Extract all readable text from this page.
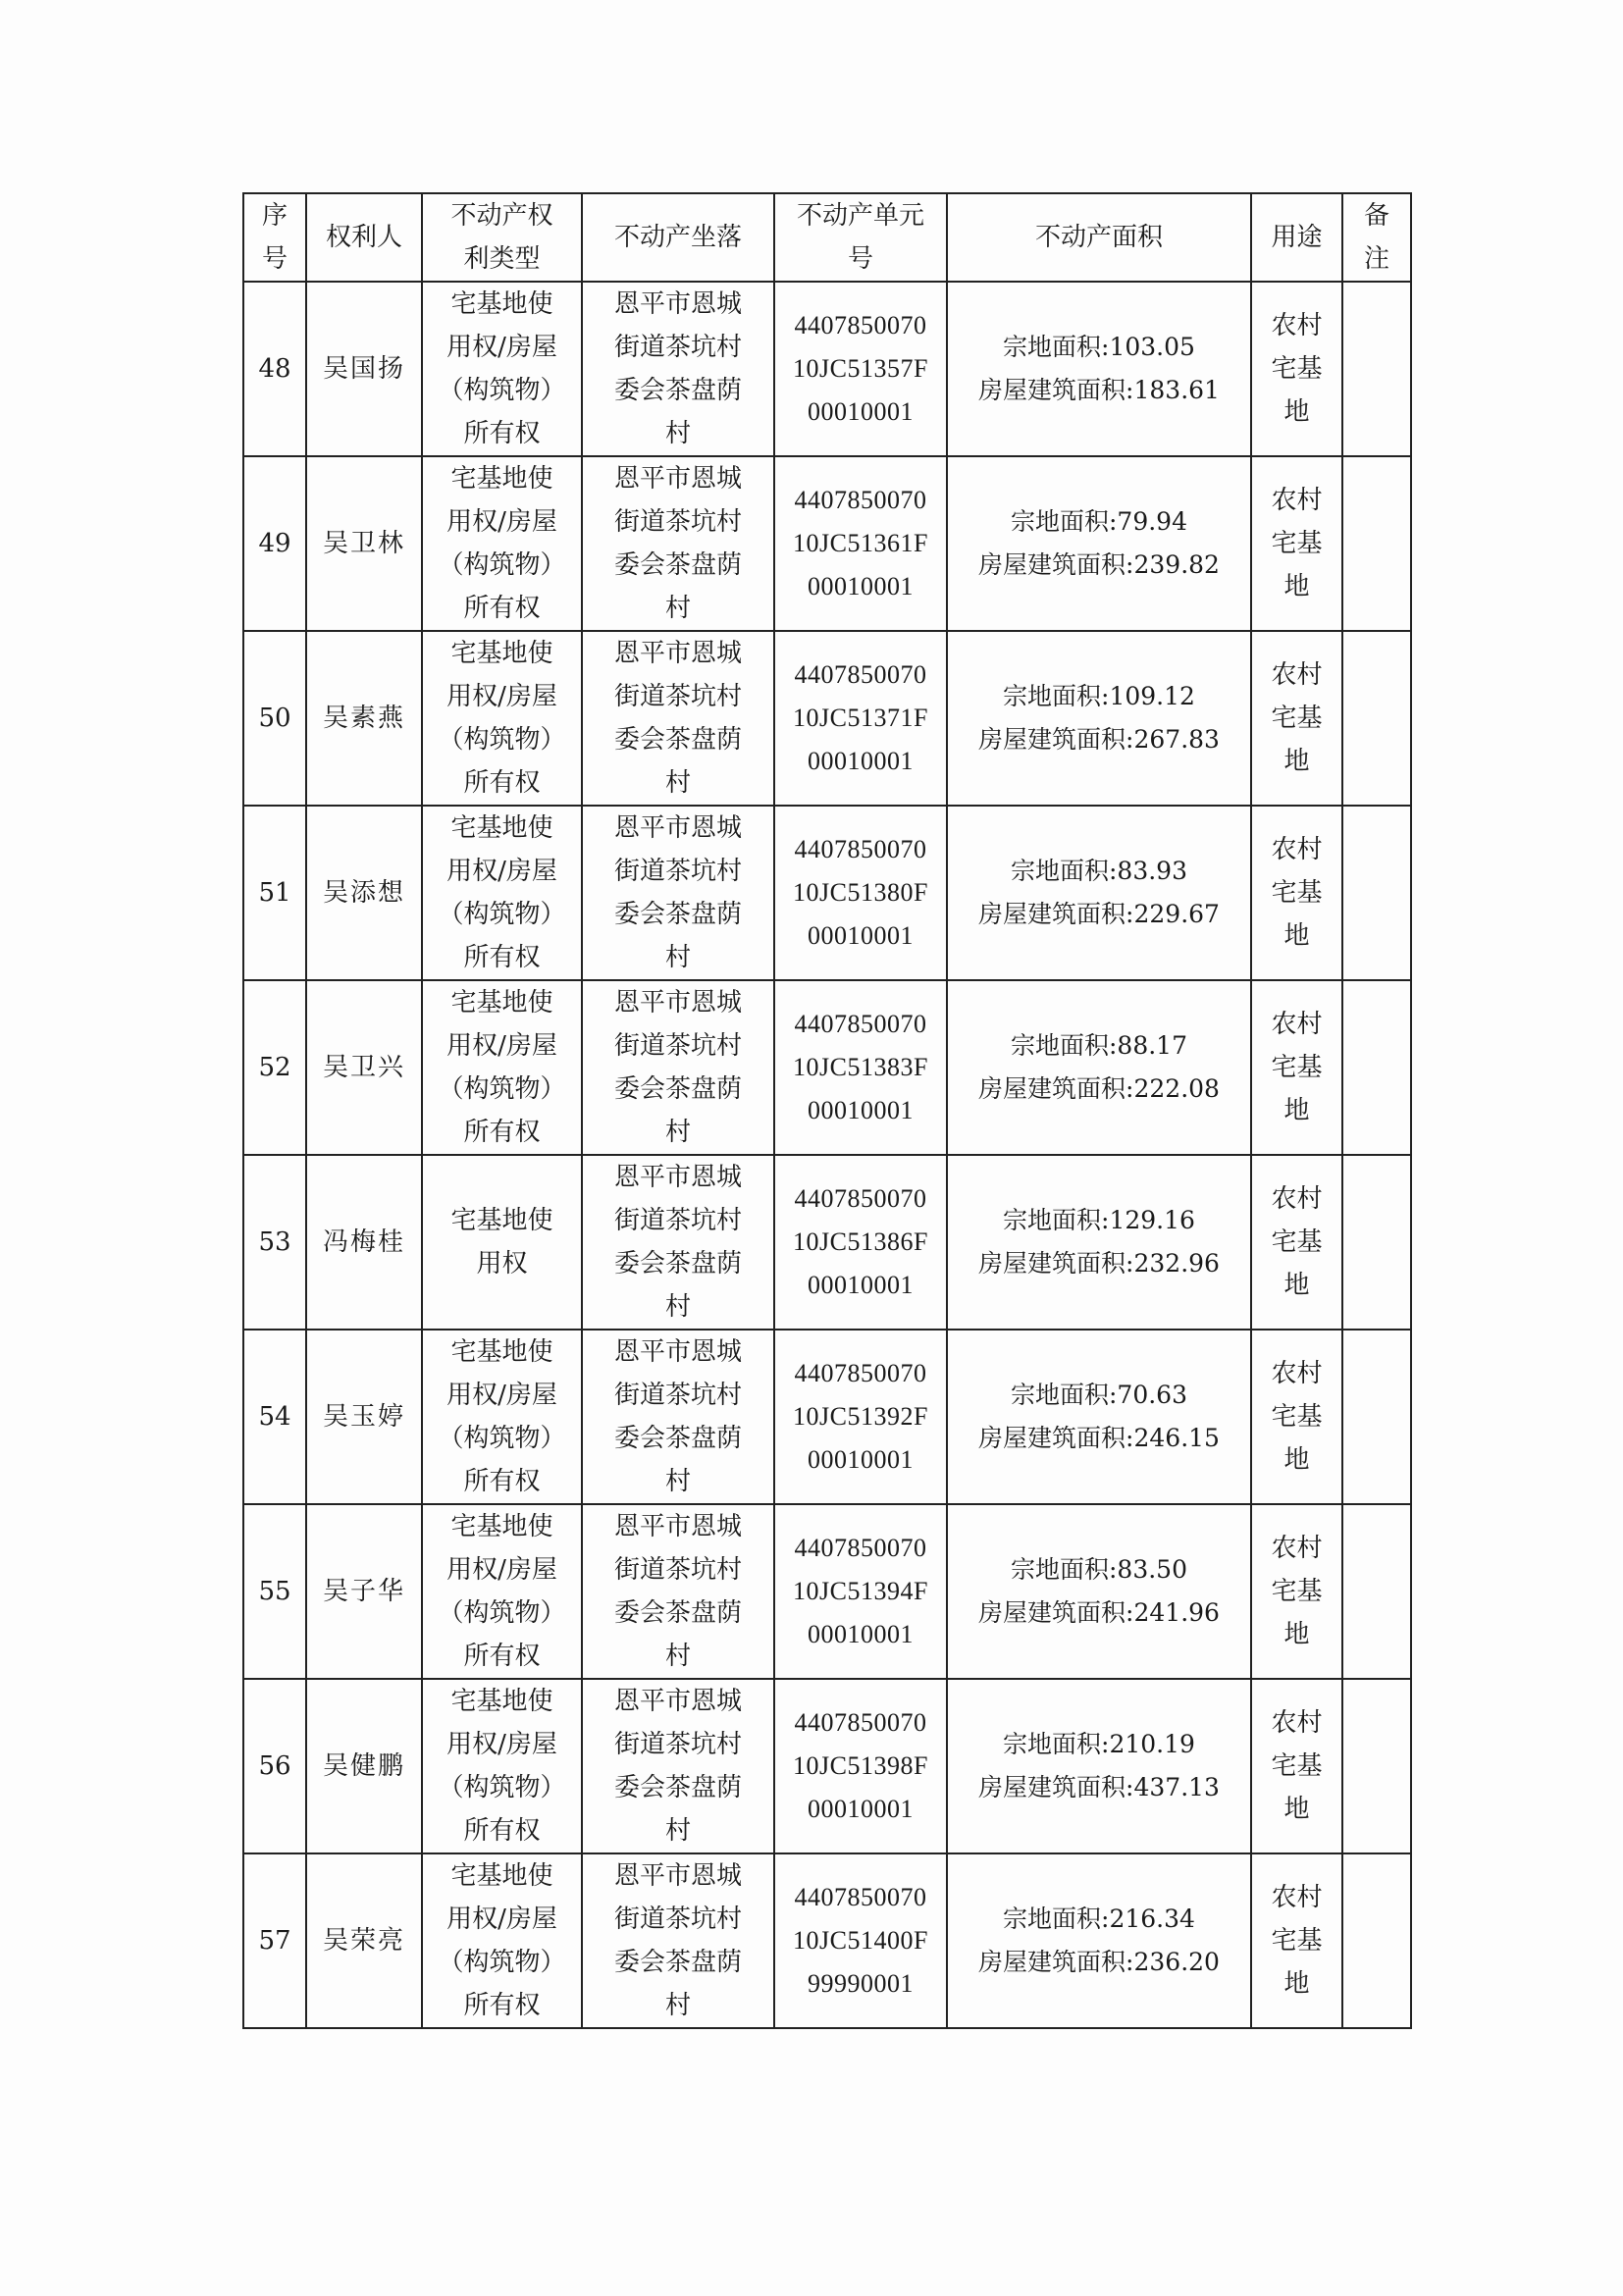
序
号	权利人	不动产权
利类型	不动产坐落	不动产单元
号	不动产面积	用途	备
注

48	吴国扬	宅基地使
用权/房屋
（构筑物）
所有权	恩平市恩城
街道茶坑村
委会茶盘荫
村	4407850070
10JC51357F
00010001	宗地面积:103.05
房屋建筑面积:183.61	农村
宅基
地	

49	吴卫林	宅基地使
用权/房屋
（构筑物）
所有权	恩平市恩城
街道茶坑村
委会茶盘荫
村	4407850070
10JC51361F
00010001	宗地面积:79.94
房屋建筑面积:239.82	农村
宅基
地	

50	吴素燕	宅基地使
用权/房屋
（构筑物）
所有权	恩平市恩城
街道茶坑村
委会茶盘荫
村	4407850070
10JC51371F
00010001	宗地面积:109.12
房屋建筑面积:267.83	农村
宅基
地	

51	吴添想	宅基地使
用权/房屋
（构筑物）
所有权	恩平市恩城
街道茶坑村
委会茶盘荫
村	4407850070
10JC51380F
00010001	宗地面积:83.93
房屋建筑面积:229.67	农村
宅基
地	

52	吴卫兴	宅基地使
用权/房屋
（构筑物）
所有权	恩平市恩城
街道茶坑村
委会茶盘荫
村	4407850070
10JC51383F
00010001	宗地面积:88.17
房屋建筑面积:222.08	农村
宅基
地	

53	冯梅桂	宅基地使
用权	恩平市恩城
街道茶坑村
委会茶盘荫
村	4407850070
10JC51386F
00010001	宗地面积:129.16
房屋建筑面积:232.96	农村
宅基
地	

54	吴玉婷	宅基地使
用权/房屋
（构筑物）
所有权	恩平市恩城
街道茶坑村
委会茶盘荫
村	4407850070
10JC51392F
00010001	宗地面积:70.63
房屋建筑面积:246.15	农村
宅基
地	

55	吴子华	宅基地使
用权/房屋
（构筑物）
所有权	恩平市恩城
街道茶坑村
委会茶盘荫
村	4407850070
10JC51394F
00010001	宗地面积:83.50
房屋建筑面积:241.96	农村
宅基
地	

56	吴健鹏	宅基地使
用权/房屋
（构筑物）
所有权	恩平市恩城
街道茶坑村
委会茶盘荫
村	4407850070
10JC51398F
00010001	宗地面积:210.19
房屋建筑面积:437.13	农村
宅基
地	

57	吴荣亮	宅基地使
用权/房屋
（构筑物）
所有权	恩平市恩城
街道茶坑村
委会茶盘荫
村	4407850070
10JC51400F
99990001	宗地面积:216.34
房屋建筑面积:236.20	农村
宅基
地	
